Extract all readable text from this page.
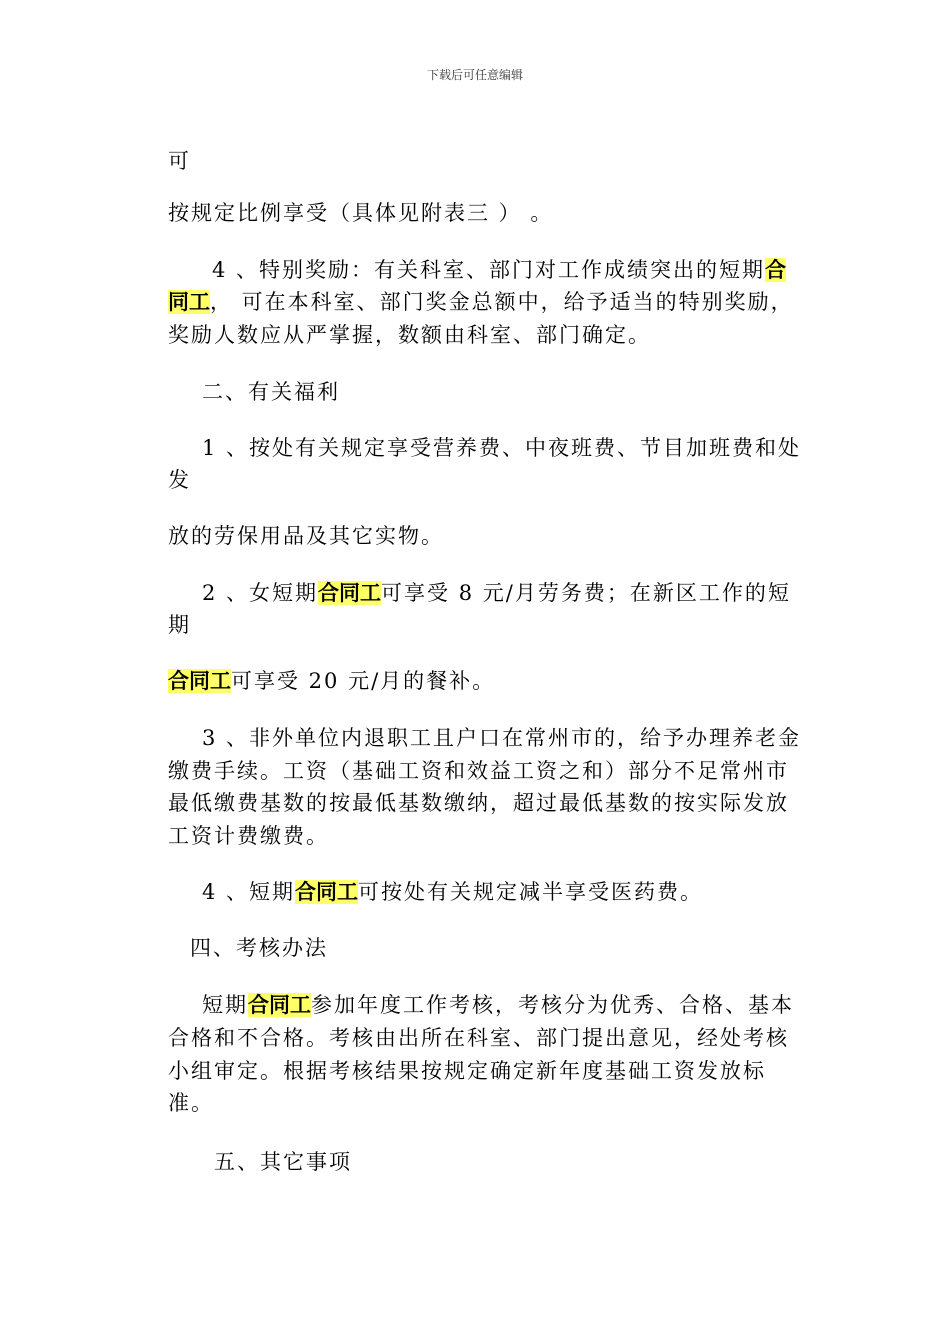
下载后可任意编辑
可
按规定比例享受（具体见附表三 ） 。
4 、特别奖励：有关科室、部门对工作成绩突出的短期合
同工， 可在本科室、部门奖金总额中，给予适当的特别奖励，
奖励人数应从严掌握，数额由科室、部门确定。
二、有关福利
1 、按处有关规定享受营养费、中夜班费、节目加班费和处
发
放的劳保用品及其它实物。
2 、女短期合同工可享受 8 元/月劳务费；在新区工作的短
期
合同工可享受 20 元/月的餐补。
3 、非外单位内退职工且户口在常州市的，给予办理养老金
缴费手续。工资（基础工资和效益工资之和）部分不足常州市
最低缴费基数的按最低基数缴纳，超过最低基数的按实际发放
工资计费缴费。
4 、短期合同工可按处有关规定减半享受医药费。
四、考核办法
短期合同工参加年度工作考核，考核分为优秀、合格、基本
合格和不合格。考核由出所在科室、部门提出意见，经处考核
小组审定。根据考核结果按规定确定新年度基础工资发放标
准。
五、其它事项
